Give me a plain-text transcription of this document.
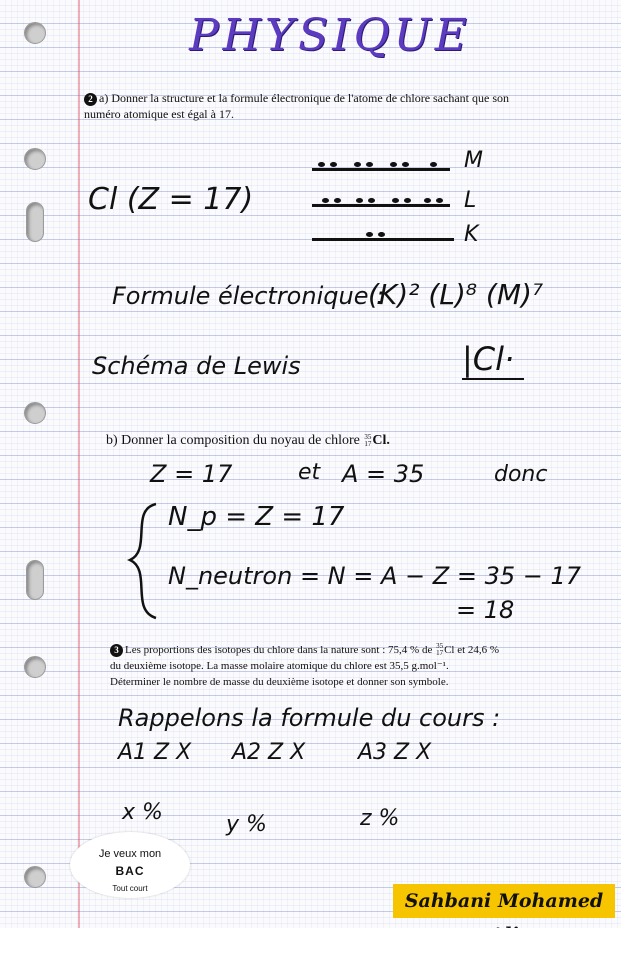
PHYSIQUE
2 a) Donner la structure et la formule électronique de l'atome de chlore sachant que son
numéro atomique est égal à 17.
Cl (Z = 17)
M
L
K
Formule électronique :
(K)² (L)⁸ (M)⁷
Schéma de Lewis	|Cl·
b) Donner la composition du noyau de chlore 35
17 Cl.
Z = 17	et A = 35	donc
N_p = Z = 17
N_neutron = N = A − Z = 35 − 17
= 18
3 Les proportions des isotopes du chlore dans la nature sont : 75,4 % de 35
17 Cl et 24,6 %
du deuxième isotope. La masse molaire atomique du chlore est 35,5 g.mol⁻¹.
Déterminer le nombre de masse du deuxième isotope et donner son symbole.
Rappelons la formule du cours :
A1 Z X A2 Z X A3 Z X
x %	y %	z %
Je veux mon
BAC
Tout court
Sahbani Mohamed
